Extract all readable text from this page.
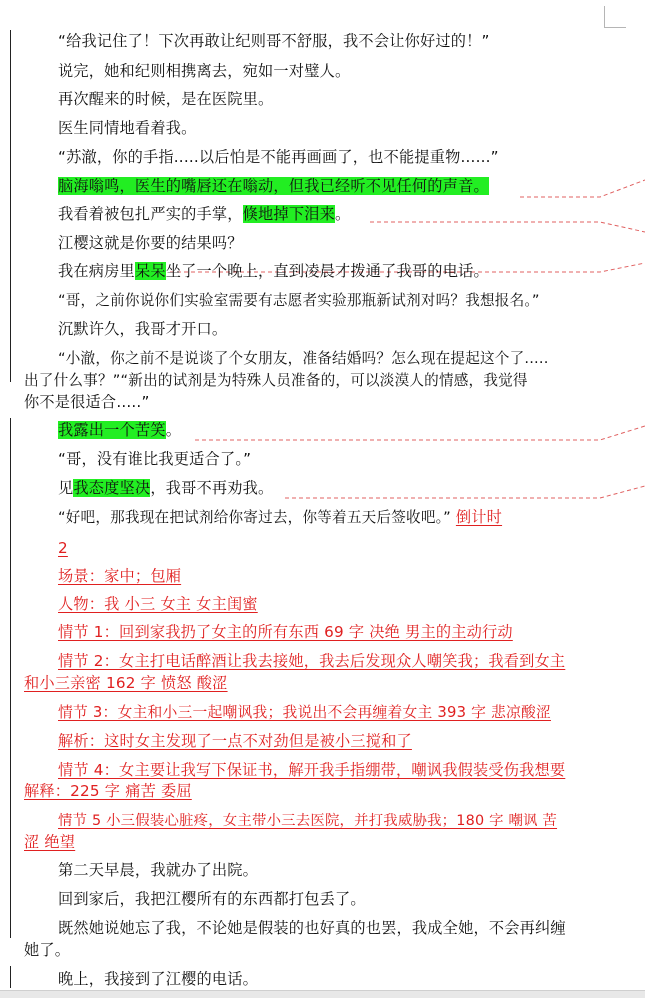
“给我记住了！下次再敢让纪则哥不舒服，我不会让你好过的！”
说完，她和纪则相携离去，宛如一对璧人。
再次醒来的时候，是在医院里。
医生同情地看着我。
“苏澈，你的手指.....以后怕是不能再画画了，也不能提重物......”
脑海嗡鸣，医生的嘴唇还在嗡动，但我已经听不见任何的声音。
我看着被包扎严实的手掌，倏地掉下泪来。
江樱这就是你要的结果吗？
我在病房里呆呆坐了一个晚上，直到凌晨才拨通了我哥的电话。
“哥，之前你说你们实验室需要有志愿者实验那瓶新试剂对吗？我想报名。”
沉默许久，我哥才开口。
“小澈，你之前不是说谈了个女朋友，准备结婚吗？怎么现在提起这个了.....
出了什么事？”“新出的试剂是为特殊人员准备的，可以淡漠人的情感，我觉得
你不是很适合.....”
我露出一个苦笑。
“哥，没有谁比我更适合了。”
见我态度坚决，我哥不再劝我。
“好吧，那我现在把试剂给你寄过去，你等着五天后签收吧。” 倒计时
2
场景：家中；包厢
人物：我 小三 女主 女主闺蜜
情节 1：回到家我扔了女主的所有东西 69 字 决绝 男主的主动行动
情节 2：女主打电话醉酒让我去接她，我去后发现众人嘲笑我；我看到女主
和小三亲密 162 字 愤怒 酸涩
情节 3：女主和小三一起嘲讽我；我说出不会再缠着女主 393 字 悲凉酸涩
解析：这时女主发现了一点不对劲但是被小三搅和了
情节 4：女主要让我写下保证书，解开我手指绷带，嘲讽我假装受伤我想要
解释：225 字 痛苦 委屈
情节 5 小三假装心脏疼，女主带小三去医院，并打我威胁我；180 字 嘲讽 苦
涩 绝望
第二天早晨，我就办了出院。
回到家后，我把江樱所有的东西都打包丢了。
既然她说她忘了我，不论她是假装的也好真的也罢，我成全她，不会再纠缠
她了。
晚上，我接到了江樱的电话。
